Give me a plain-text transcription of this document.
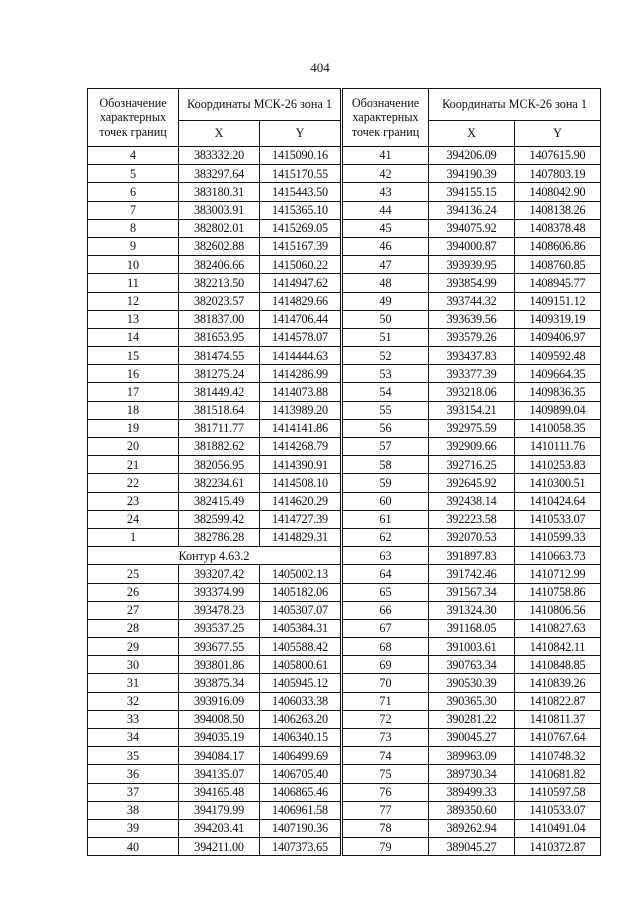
404
Обозначение характерных точек границ	Координаты МСК-26 зона 1	
	X	Y
4	383332.20	1415090.16
5	383297.64	1415170.55
6	383180.31	1415443.50
7	383003.91	1415365.10
8	382802.01	1415269.05
9	382602.88	1415167.39
10	382406.66	1415060.22
11	382213.50	1414947.62
12	382023.57	1414829.66
13	381837.00	1414706.44
14	381653.95	1414578.07
15	381474.55	1414444.63
16	381275.24	1414286.99
17	381449.42	1414073.88
18	381518.64	1413989.20
19	381711.77	1414141.86
20	381882.62	1414268.79
21	382056.95	1414390.91
22	382234.61	1414508.10
23	382415.49	1414620.29
24	382599.42	1414727.39
1	382786.28	1414829.31
Контур 4.63.2		
25	393207.42	1405002.13
26	393374.99	1405182.06
27	393478.23	1405307.07
28	393537.25	1405384.31
29	393677.55	1405588.42
30	393801.86	1405800.61
31	393875.34	1405945.12
32	393916.09	1406033.38
33	394008.50	1406263.20
34	394035.19	1406340.15
35	394084.17	1406499.69
36	394135.07	1406705.40
37	394165.48	1406865.46
38	394179.99	1406961.58
39	394203.41	1407190.36
40	394211.00	1407373.65
Обозначение характерных точек границ	Координаты МСК-26 зона 1	
	X	Y
41	394206.09	1407615.90
42	394190.39	1407803.19
43	394155.15	1408042.90
44	394136.24	1408138.26
45	394075.92	1408378.48
46	394000.87	1408606.86
47	393939.95	1408760.85
48	393854.99	1408945.77
49	393744.32	1409151.12
50	393639.56	1409319.19
51	393579.26	1409406.97
52	393437.83	1409592.48
53	393377.39	1409664.35
54	393218.06	1409836.35
55	393154.21	1409899.04
56	392975.59	1410058.35
57	392909.66	1410111.76
58	392716.25	1410253.83
59	392645.92	1410300.51
60	392438.14	1410424.64
61	392223.58	1410533.07
62	392070.53	1410599.33
63	391897.83	1410663.73
64	391742.46	1410712.99
65	391567.34	1410758.86
66	391324.30	1410806.56
67	391168.05	1410827.63
68	391003.61	1410842.11
69	390763.34	1410848.85
70	390530.39	1410839.26
71	390365.30	1410822.87
72	390281.22	1410811.37
73	390045.27	1410767.64
74	389963.09	1410748.32
75	389730.34	1410681.82
76	389499.33	1410597.58
77	389350.60	1410533.07
78	389262.94	1410491.04
79	389045.27	1410372.87
